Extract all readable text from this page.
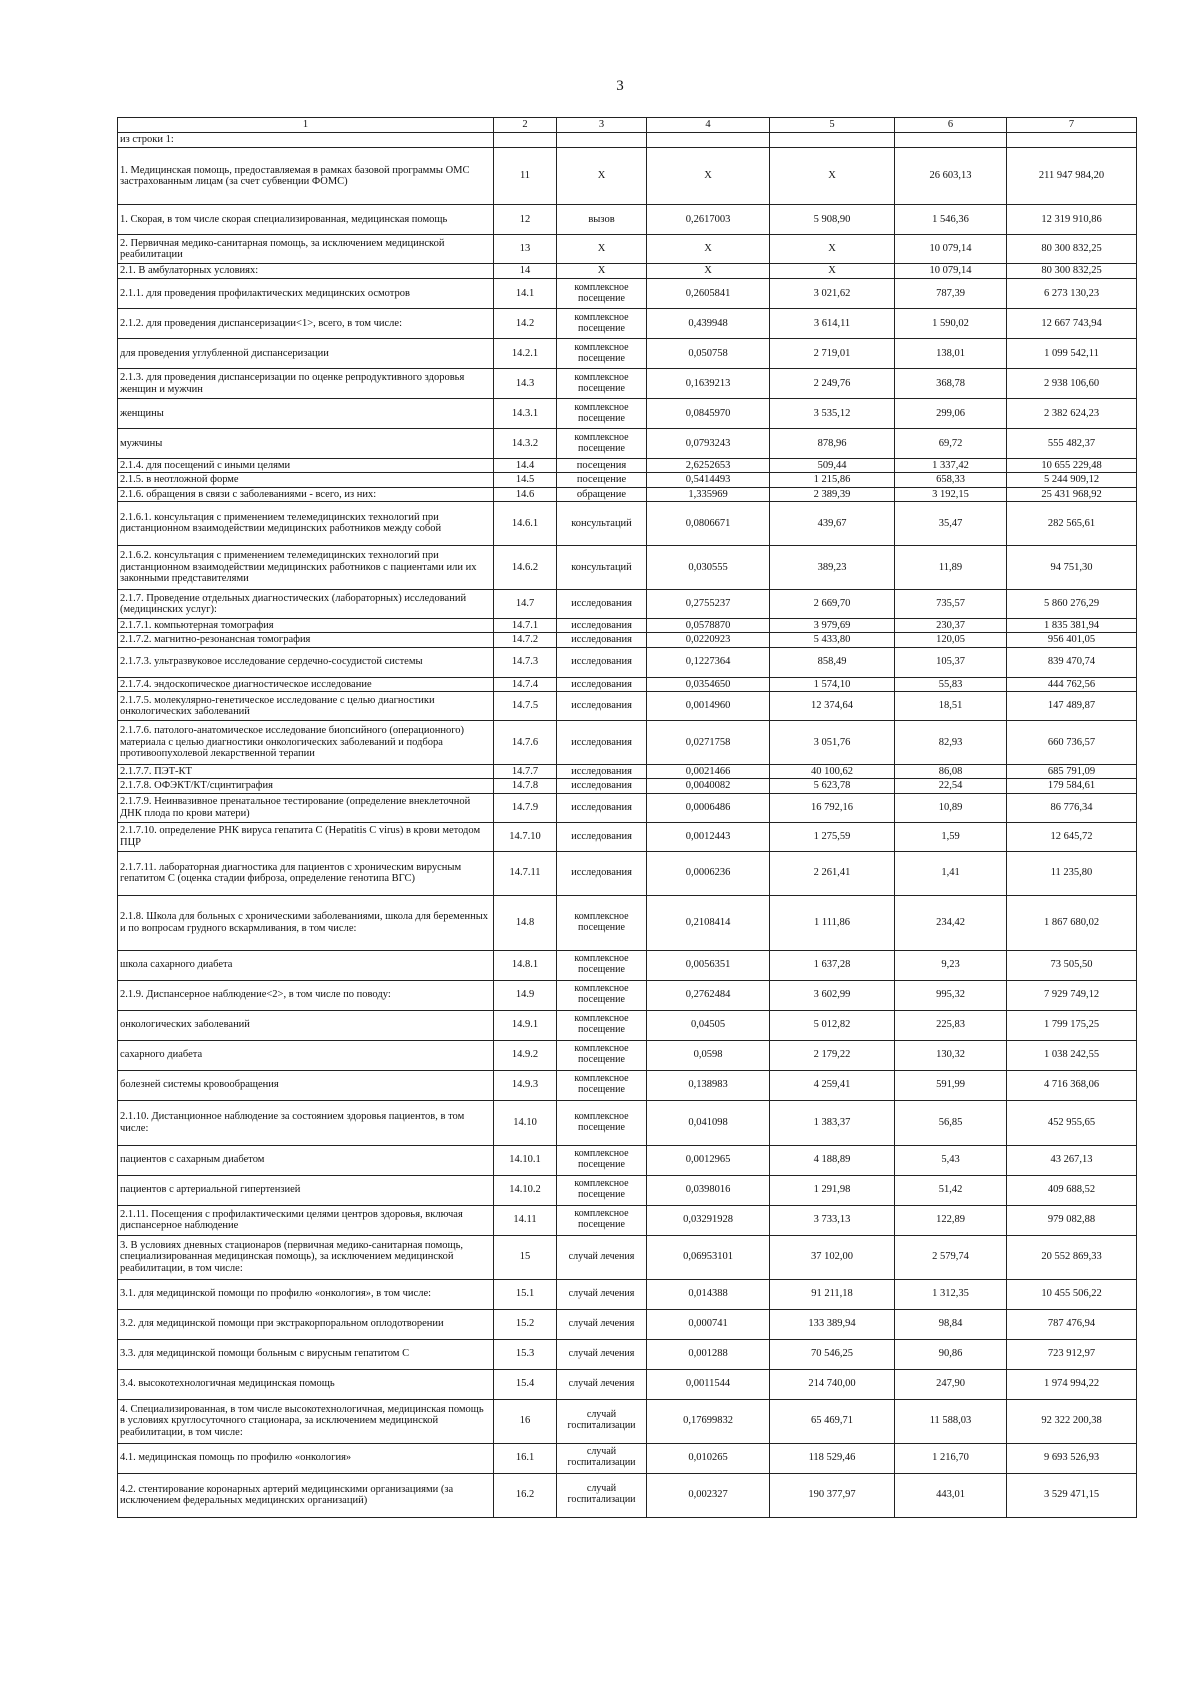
3
1	2	3	4	5	6	7
из строки 1:						
1. Медицинская помощь, предоставляемая в рамках базовой программы ОМС застрахованным лицам (за счет субвенции ФОМС)	11	X	X	X	26 603,13	211 947 984,20
1. Скорая, в том числе скорая специализированная, медицинская помощь	12	вызов	0,2617003	5 908,90	1 546,36	12 319 910,86
2. Первичная медико-санитарная помощь, за исключением медицинской реабилитации	13	X	X	X	10 079,14	80 300 832,25
2.1. В амбулаторных условиях:	14	X	X	X	10 079,14	80 300 832,25
2.1.1. для проведения профилактических медицинских осмотров	14.1	комплексное посещение	0,2605841	3 021,62	787,39	6 273 130,23
2.1.2. для проведения диспансеризации<1>, всего, в том числе:	14.2	комплексное посещение	0,439948	3 614,11	1 590,02	12 667 743,94
для проведения углубленной диспансеризации	14.2.1	комплексное посещение	0,050758	2 719,01	138,01	1 099 542,11
2.1.3. для проведения диспансеризации по оценке репродуктивного здоровья женщин и мужчин	14.3	комплексное посещение	0,1639213	2 249,76	368,78	2 938 106,60
женщины	14.3.1	комплексное посещение	0,0845970	3 535,12	299,06	2 382 624,23
мужчины	14.3.2	комплексное посещение	0,0793243	878,96	69,72	555 482,37
2.1.4. для посещений с иными целями	14.4	посещения	2,6252653	509,44	1 337,42	10 655 229,48
2.1.5. в неотложной форме	14.5	посещение	0,5414493	1 215,86	658,33	5 244 909,12
2.1.6. обращения в связи с заболеваниями - всего, из них:	14.6	обращение	1,335969	2 389,39	3 192,15	25 431 968,92
2.1.6.1. консультация с применением телемедицинских технологий при дистанционном взаимодействии медицинских работников между собой	14.6.1	консультаций	0,0806671	439,67	35,47	282 565,61
2.1.6.2. консультация с применением телемедицинских технологий при дистанционном взаимодействии медицинских работников с пациентами или их законными представителями	14.6.2	консультаций	0,030555	389,23	11,89	94 751,30
2.1.7. Проведение отдельных диагностических (лабораторных) исследований (медицинских услуг):	14.7	исследования	0,2755237	2 669,70	735,57	5 860 276,29
2.1.7.1. компьютерная томография	14.7.1	исследования	0,0578870	3 979,69	230,37	1 835 381,94
2.1.7.2. магнитно-резонансная томография	14.7.2	исследования	0,0220923	5 433,80	120,05	956 401,05
2.1.7.3. ультразвуковое исследование сердечно-сосудистой системы	14.7.3	исследования	0,1227364	858,49	105,37	839 470,74
2.1.7.4. эндоскопическое диагностическое исследование	14.7.4	исследования	0,0354650	1 574,10	55,83	444 762,56
2.1.7.5. молекулярно-генетическое исследование с целью диагностики онкологических заболеваний	14.7.5	исследования	0,0014960	12 374,64	18,51	147 489,87
2.1.7.6. патолого-анатомическое исследование биопсийного (операционного) материала с целью диагностики онкологических заболеваний и подбора противоопухолевой лекарственной терапии	14.7.6	исследования	0,0271758	3 051,76	82,93	660 736,57
2.1.7.7. ПЭТ-КТ	14.7.7	исследования	0,0021466	40 100,62	86,08	685 791,09
2.1.7.8. ОФЭКТ/КТ/сцинтиграфия	14.7.8	исследования	0,0040082	5 623,78	22,54	179 584,61
2.1.7.9. Неинвазивное пренатальное тестирование (определение внеклеточной ДНК плода по крови матери)	14.7.9	исследования	0,0006486	16 792,16	10,89	86 776,34
2.1.7.10. определение РНК вируса гепатита С (Hepatitis C virus) в крови методом ПЦР	14.7.10	исследования	0,0012443	1 275,59	1,59	12 645,72
2.1.7.11. лабораторная диагностика для пациентов с хроническим вирусным гепатитом С (оценка стадии фиброза, определение генотипа ВГС)	14.7.11	исследования	0,0006236	2 261,41	1,41	11 235,80
2.1.8. Школа для больных с хроническими заболеваниями, школа для беременных и по вопросам грудного вскармливания, в том числе:	14.8	комплексное посещение	0,2108414	1 111,86	234,42	1 867 680,02
школа сахарного диабета	14.8.1	комплексное посещение	0,0056351	1 637,28	9,23	73 505,50
2.1.9. Диспансерное наблюдение<2>, в том числе по поводу:	14.9	комплексное посещение	0,2762484	3 602,99	995,32	7 929 749,12
онкологических заболеваний	14.9.1	комплексное посещение	0,04505	5 012,82	225,83	1 799 175,25
сахарного диабета	14.9.2	комплексное посещение	0,0598	2 179,22	130,32	1 038 242,55
болезней системы кровообращения	14.9.3	комплексное посещение	0,138983	4 259,41	591,99	4 716 368,06
2.1.10. Дистанционное наблюдение за состоянием здоровья пациентов, в том числе:	14.10	комплексное посещение	0,041098	1 383,37	56,85	452 955,65
пациентов с сахарным диабетом	14.10.1	комплексное посещение	0,0012965	4 188,89	5,43	43 267,13
пациентов с артериальной гипертензией	14.10.2	комплексное посещение	0,0398016	1 291,98	51,42	409 688,52
2.1.11. Посещения с профилактическими целями центров здоровья, включая диспансерное наблюдение	14.11	комплексное посещение	0,03291928	3 733,13	122,89	979 082,88
3. В условиях дневных стационаров (первичная медико-санитарная помощь, специализированная медицинская помощь), за исключением медицинской реабилитации, в том числе:	15	случай лечения	0,06953101	37 102,00	2 579,74	20 552 869,33
3.1. для медицинской помощи по профилю «онкология», в том числе:	15.1	случай лечения	0,014388	91 211,18	1 312,35	10 455 506,22
3.2. для медицинской помощи при экстракорпоральном оплодотворении	15.2	случай лечения	0,000741	133 389,94	98,84	787 476,94
3.3. для медицинской помощи больным с вирусным гепатитом С	15.3	случай лечения	0,001288	70 546,25	90,86	723 912,97
3.4. высокотехнологичная медицинская помощь	15.4	случай лечения	0,0011544	214 740,00	247,90	1 974 994,22
4. Специализированная, в том числе высокотехнологичная, медицинская помощь в условиях круглосуточного стационара, за исключением медицинской реабилитации, в том числе:	16	случай госпитализации	0,17699832	65 469,71	11 588,03	92 322 200,38
4.1. медицинская помощь по профилю «онкология»	16.1	случай госпитализации	0,010265	118 529,46	1 216,70	9 693 526,93
4.2. стентирование коронарных артерий медицинскими организациями (за исключением федеральных медицинских организаций)	16.2	случай госпитализации	0,002327	190 377,97	443,01	3 529 471,15
